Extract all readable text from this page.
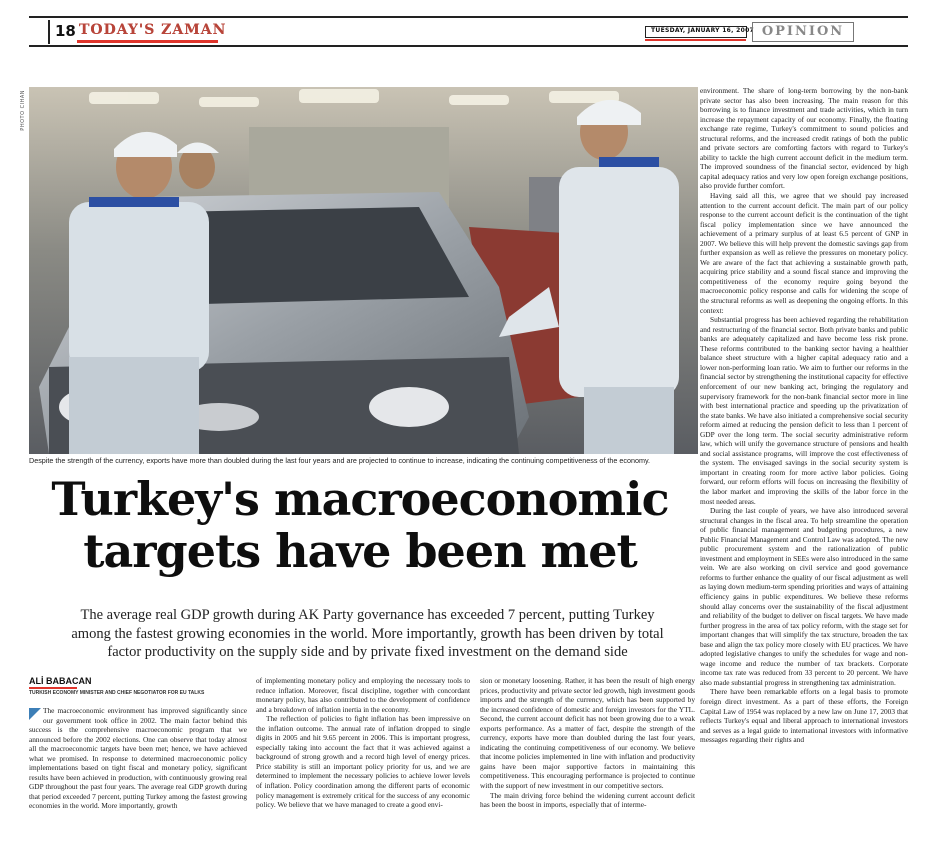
18 TODAY'S ZAMAN	TUESDAY, JANUARY 16, 2007 OPINION
PHOTO CIHAN
Despite the strength of the currency, exports have more than doubled during the last four years and are projected to continue to increase, indicating the continuing competitiveness of the economy.
Turkey's macroeconomic
targets have been met
The average real GDP growth during AK Party governance has exceeded 7 percent, putting Turkey among the fastest growing economies in the world. More importantly, growth has been driven by total factor productivity on the supply side and by private fixed investment on the demand side
ALİ BABACAN
TURKISH ECONOMY MINISTER AND CHIEF NEGOTIATOR FOR EU TALKS

The macroeconomic environment has improved significantly since our government took office in 2002. The main factor behind this success is the comprehensive macroeconomic program that we announced before the 2002 elections. One can observe that today almost all the macroeconomic targets have been met; hence, we have achieved what we promised. In response to determined macroeconomic policy implementations based on tight fiscal and monetary policy, significant results have been achieved in production, with continuously growing real GDP throughout the past four years. The average real GDP growth during that period exceeded 7 percent, putting Turkey among the fastest growing economies in the world. More importantly, growth

of implementing monetary policy and employing the necessary tools to reduce inflation. Moreover, fiscal discipline, together with concordant monetary policy, has also contributed to the development of confidence and a breakdown of inflation inertia in the economy.

The reflection of policies to fight inflation has been impressive on the inflation outcome. The annual rate of inflation dropped to single digits in 2005 and hit 9.65 percent in 2006. This is important progress, especially taking into account the fact that it was achieved against a background of strong growth and a record high level of energy prices. Price stability is still an important policy priority for us, and we are determined to implement the necessary policies to achieve lower levels of inflation. Policy coordination among the different parts of economic policy management is extremely critical for the success of any economic policy. We believe that we have managed to create a good envi-

sion or monetary loosening. Rather, it has been the result of high energy prices, productivity and private sector led growth, high investment goods imports and the strength of the currency, which has been supported by the increased confidence of domestic and foreign investors for the YTL. Second, the current account deficit has not been growing due to a weak exports performance. As a matter of fact, despite the strength of the currency, exports have more than doubled during the last four years, indicating the continuing competitiveness of our economy. We believe that income policies implemented in line with inflation and productivity gains have been major supportive factors in maintaining this competitiveness. This encouraging performance is projected to continue with the support of new investment in our competitive sectors.

The main driving force behind the widening current account deficit has been the boost in imports, especially that of interme-

environment. The share of long-term borrowing by the non-bank private sector has also been increasing. The main reason for this borrowing is to finance investment and trade activities, which in turn increase the repayment capacity of our economy. Finally, the floating exchange rate regime, Turkey's commitment to sound policies and structural reforms, and the increased credit ratings of both the public and private sectors are comforting factors with regard to Turkey's ability to tackle the high current account deficit in the medium term. The improved soundness of the financial sector, evidenced by high capital adequacy ratios and very low open foreign exchange positions, also provide further comfort.

Having said all this, we agree that we should pay increased attention to the current account deficit. The main part of our policy response to the current account deficit is the continuation of the tight fiscal policy implementation since we have announced the achievement of a primary surplus of at least 6.5 percent of GNP in 2007. We believe this will help prevent the domestic savings gap from further expansion as well as relieve the pressures on monetary policy. We are aware of the fact that achieving a sustainable growth path, acquiring price stability and a sound fiscal stance and improving the competitiveness of the economy require going beyond the macroeconomic policy response and calls for widening the scope of the structural reforms as well as deepening the ongoing efforts. In this context:

Substantial progress has been achieved regarding the rehabilitation and restructuring of the financial sector. Both private banks and public banks are adequately capitalized and have become less risk prone. These reforms contributed to the banking sector having a healthier balance sheet structure with a higher capital adequacy ratio and a lower non-performing loan ratio. We aim to further our reforms in the financial sector by strengthening the institutional capacity for effective enforcement of our new banking act, bringing the regulatory and supervisory framework for the non-bank financial sector more in line with best international practice and speeding up the privatization of the state banks. We have also initiated a comprehensive social security reform aimed at reducing the pension deficit to less than 1 percent of GDP over the long term. The social security administrative reform law, which will unify the governance structure of pensions and health and social assistance programs, will improve the cost effectiveness of the system. The envisaged savings in the social security system is important in creating room for more active labor policies. Going forward, our reform efforts will focus on increasing the flexibility of the labor market and improving the skills of the labor force in the most needed areas.

During the last couple of years, we have also introduced several structural changes in the fiscal area. To help streamline the operation of public financial management and budgeting procedures, a new Public Financial Management and Control Law was adopted. The new public procurement system and the rationalization of public investment and employment in SEEs were also introduced in the same vein. We are also working on civil service and good governance reforms to further enhance the quality of our fiscal adjustment as well as laying down medium-term spending priorities and ways of attaining efficiency gains in public expenditures. We believe these reforms should allay concerns over the sustainability of the fiscal adjustment and reliability of the budget to deliver on fiscal targets. We have made further progress in the area of tax policy reform, with the stage set for important changes that will simplify the tax structure, broaden the tax base and align the tax policy more closely with EU practices. We have adopted legislative changes to unify the schedules for wage and non-wage income and reduce the number of tax brackets. Corporate income tax rate was reduced from 33 percent to 20 percent. We have also made substantial progress in strengthening tax administration.

There have been remarkable efforts on a legal basis to promote foreign direct investment. As a part of these efforts, the Foreign Capital Law of 1954 was replaced by a new law on June 17, 2003 that reflects Turkey's equal and liberal approach to international investors and serves as a legal guide to international investors with informative messages regarding their rights and
